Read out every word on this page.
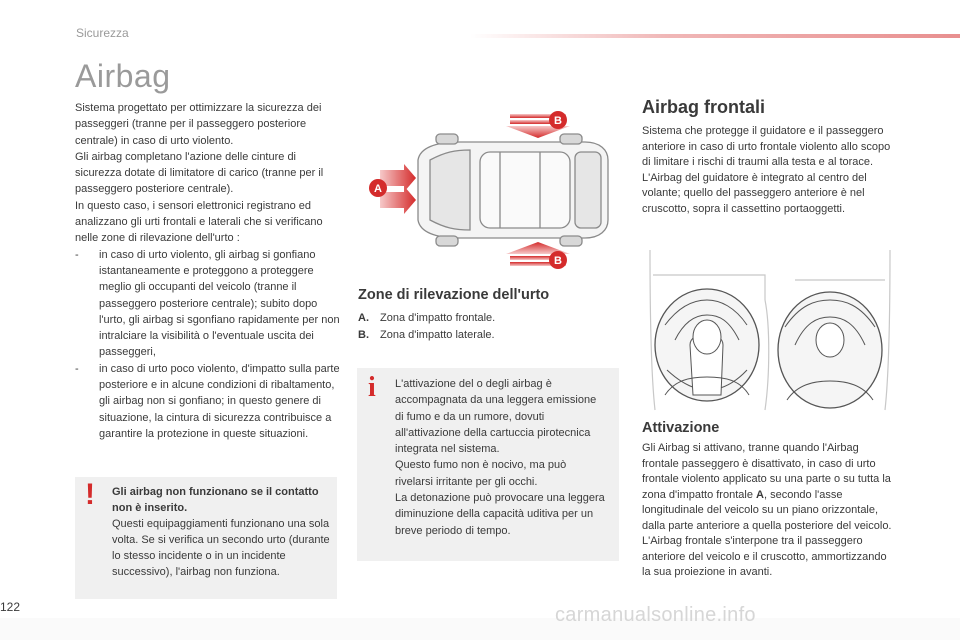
Sicurezza
Airbag

Sistema progettato per ottimizzare la sicurezza dei passeggeri (tranne per il passeggero posteriore centrale) in caso di urto violento.

Gli airbag completano l'azione delle cinture di sicurezza dotate di limitatore di carico (tranne per il passeggero posteriore centrale).

In questo caso, i sensori elettronici registrano ed analizzano gli urti frontali e laterali che si verificano nelle zone di rilevazione dell'urto :

-	in caso di urto violento, gli airbag si gonfiano istantaneamente e proteggono a proteggere meglio gli occupanti del veicolo (tranne il passeggero posteriore centrale); subito dopo l'urto, gli airbag si sgonfiano rapidamente per non intralciare la visibilità o l'eventuale uscita dei passeggeri,
-	in caso di urto poco violento, d'impatto sulla parte posteriore e in alcune condizioni di ribaltamento, gli airbag non si gonfiano; in questo genere di situazione, la cintura di sicurezza contribuisce a garantire la protezione in queste situazioni.
! Gli airbag non funzionano se il contatto non è inserito.
Questi equipaggiamenti funzionano una sola volta. Se si verifica un secondo urto (durante lo stesso incidente o in un incidente successivo), l'airbag non funziona.
A
B
B
Zone di rilevazione dell'urto
A. Zona d'impatto frontale.
B. Zona d'impatto laterale.
i L'attivazione del o degli airbag è accompagnata da una leggera emissione di fumo e da un rumore, dovuti all'attivazione della cartuccia pirotecnica integrata nel sistema.
Questo fumo non è nocivo, ma può rivelarsi irritante per gli occhi.
La detonazione può provocare una leggera diminuzione della capacità uditiva per un breve periodo di tempo.
Airbag frontali

Sistema che protegge il guidatore e il passeggero anteriore in caso di urto frontale violento allo scopo di limitare i rischi di traumi alla testa e al torace.

L'Airbag del guidatore è integrato al centro del volante; quello del passeggero anteriore è nel cruscotto, sopra il cassettino portaoggetti.

Attivazione

Gli Airbag si attivano, tranne quando l'Airbag frontale passeggero è disattivato, in caso di urto frontale violento applicato su una parte o su tutta la zona d'impatto frontale A, secondo l'asse longitudinale del veicolo su un piano orizzontale, dalla parte anteriore a quella posteriore del veicolo.

L'Airbag frontale s'interpone tra il passeggero anteriore del veicolo e il cruscotto, ammortizzando la sua proiezione in avanti.

122	carmanualsonline.info
